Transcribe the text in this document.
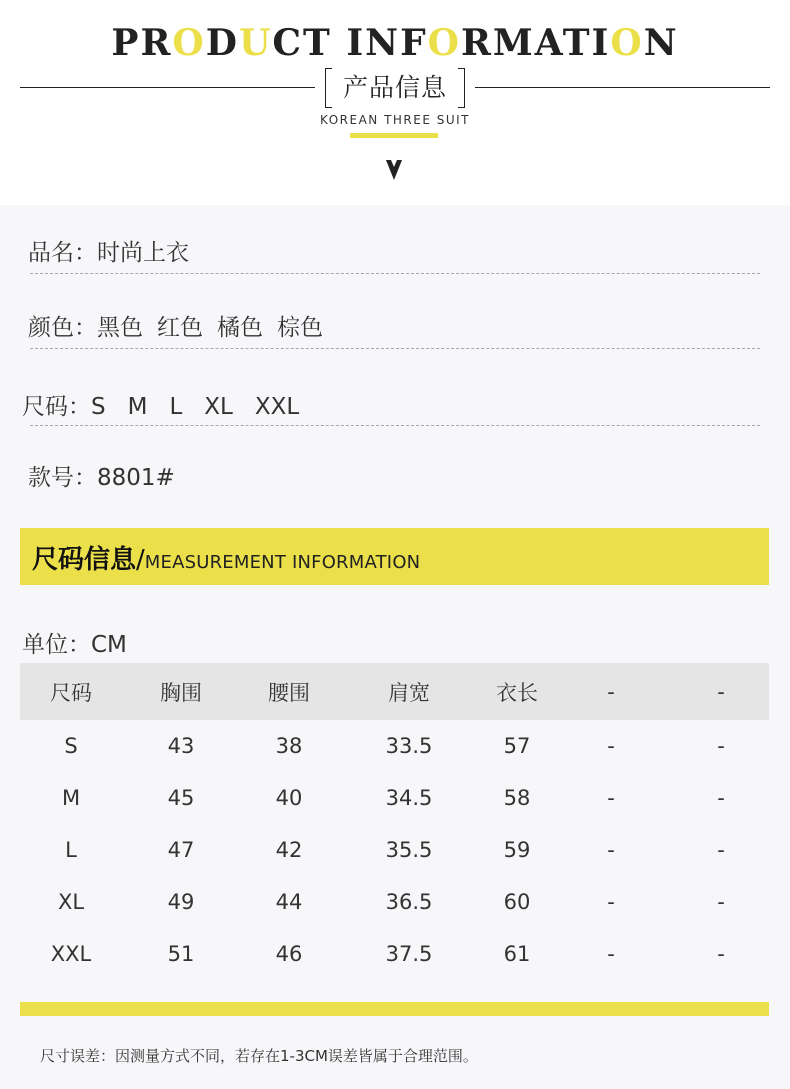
PRODUCT INFORMATION
产品信息
KOREAN THREE SUIT
品名：时尚上衣
颜色：黑色 红色 橘色 棕色
尺码：S M L XL XXL
款号：8801#
尺码信息/MEASUREMENT INFORMATION
单位：CM
尺码	胸围	腰围	肩宽	衣长	-	-
S	43	38	33.5	57	-	-
M	45	40	34.5	58	-	-
L	47	42	35.5	59	-	-
XL	49	44	36.5	60	-	-
XXL	51	46	37.5	61	-	-
尺寸误差：因测量方式不同，若存在1-3CM误差皆属于合理范围。
